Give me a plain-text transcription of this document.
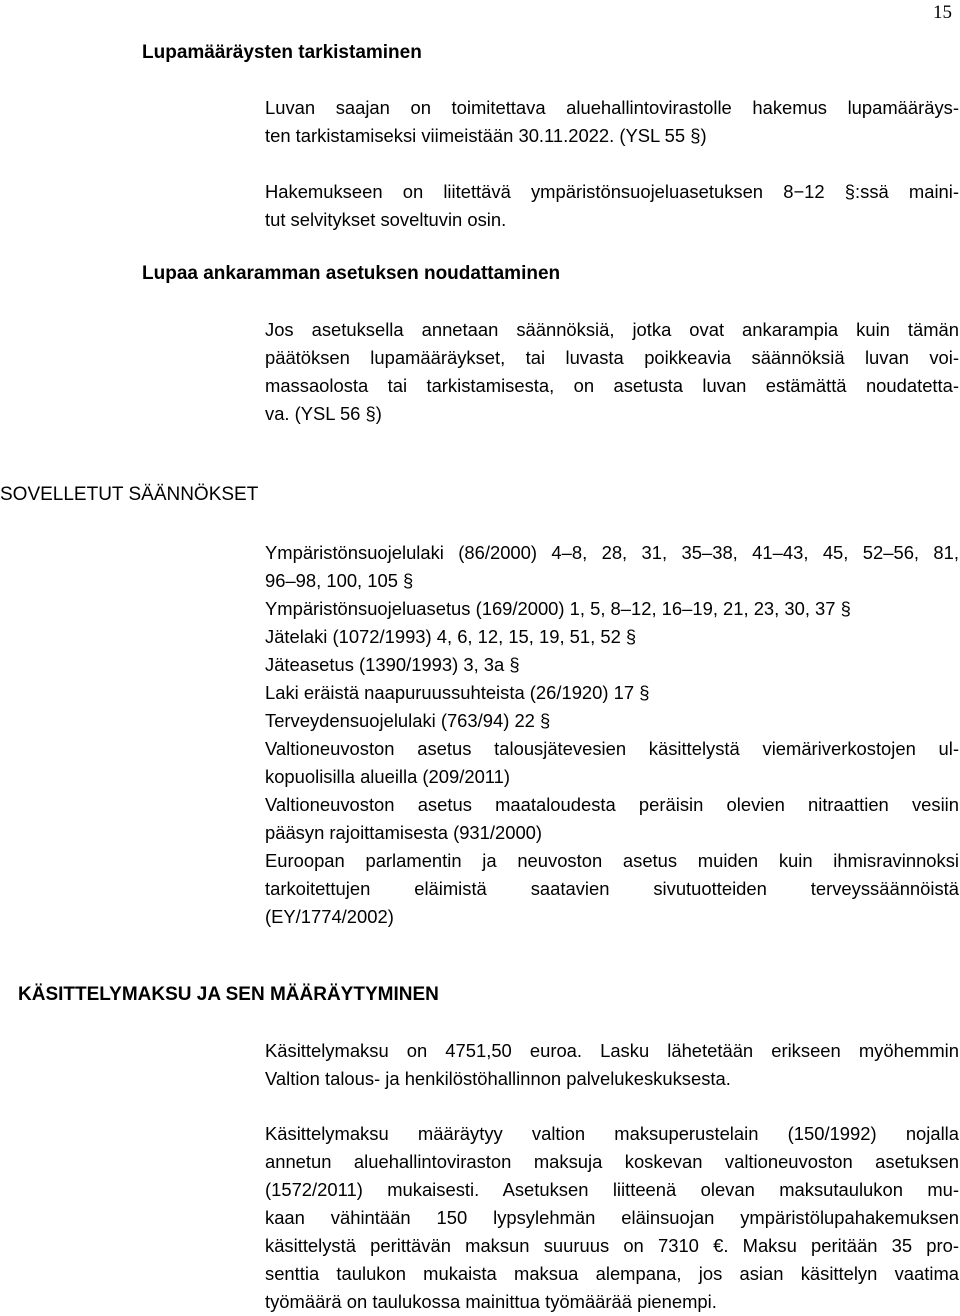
15
Lupamääräysten tarkistaminen

Luvan saajan on toimitettava aluehallintovirastolle hakemus lupamääräys-

ten tarkistamiseksi viimeistään 30.11.2022. (YSL 55 §)

Hakemukseen on liitettävä ympäristönsuojeluasetuksen 8−12 §:ssä maini-

tut selvitykset soveltuvin osin.

Lupaa ankaramman asetuksen noudattaminen

Jos asetuksella annetaan säännöksiä, jotka ovat ankarampia kuin tämän

päätöksen lupamääräykset, tai luvasta poikkeavia säännöksiä luvan voi-

massaolosta tai tarkistamisesta, on asetusta luvan estämättä noudatetta-

va. (YSL 56 §)

SOVELLETUT SÄÄNNÖKSET
Ympäristönsuojelulaki (86/2000) 4–8, 28, 31, 35–38, 41–43, 45, 52–56, 81,
96–98, 100, 105 §
Ympäristönsuojeluasetus (169/2000) 1, 5, 8–12, 16–19, 21, 23, 30, 37 §
Jätelaki (1072/1993) 4, 6, 12, 15, 19, 51, 52 §
Jäteasetus (1390/1993) 3, 3a §
Laki eräistä naapuruussuhteista (26/1920) 17 §
Terveydensuojelulaki (763/94) 22 §
Valtioneuvoston asetus talousjätevesien käsittelystä viemäriverkostojen ul-
kopuolisilla alueilla (209/2011)
Valtioneuvoston asetus maataloudesta peräisin olevien nitraattien vesiin
pääsyn rajoittamisesta (931/2000)
Euroopan parlamentin ja neuvoston asetus muiden kuin ihmisravinnoksi
tarkoitettujen eläimistä saatavien sivutuotteiden terveyssäännöistä
(EY/1774/2002)
KÄSITTELYMAKSU JA SEN MÄÄRÄYTYMINEN

Käsittelymaksu on 4751,50 euroa. Lasku lähetetään erikseen myöhemmin

Valtion talous- ja henkilöstöhallinnon palvelukeskuksesta.

Käsittelymaksu määräytyy valtion maksuperustelain (150/1992) nojalla

annetun aluehallintoviraston maksuja koskevan valtioneuvoston asetuksen

(1572/2011) mukaisesti. Asetuksen liitteenä olevan maksutaulukon mu-

kaan vähintään 150 lypsylehmän eläinsuojan ympäristölupahakemuksen

käsittelystä perittävän maksun suuruus on 7310 €. Maksu peritään 35 pro-

senttia taulukon mukaista maksua alempana, jos asian käsittelyn vaatima

työmäärä on taulukossa mainittua työmäärää pienempi.
